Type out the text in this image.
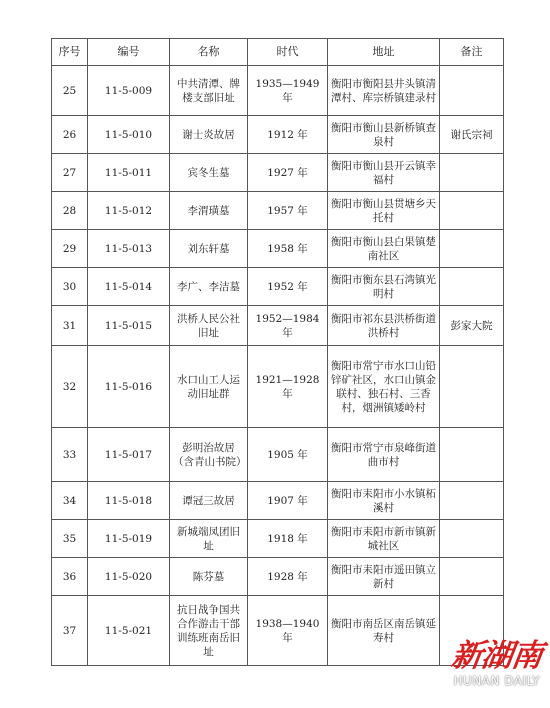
序号	编号	名称	时代	地址	备注
25	11-5-009	中共清潭、牌楼支部旧址	1935—1949 年	衡阳市衡阳县井头镇清潭村、库宗桥镇建录村	
26	11-5-010	谢士炎故居	1912 年	衡阳市衡山县新桥镇查泉村	谢氏宗祠
27	11-5-011	宾冬生墓	1927 年	衡阳市衡山县开云镇幸福村	
28	11-5-012	李渭璜墓	1957 年	衡阳市衡山县贯塘乡天托村	
29	11-5-013	刘东轩墓	1958 年	衡阳市衡山县白果镇楚南社区	
30	11-5-014	李广、李洁墓	1952 年	衡阳市衡东县石湾镇光明村	
31	11-5-015	洪桥人民公社旧址	1952—1984 年	衡阳市祁东县洪桥街道洪桥村	彭家大院
32	11-5-016	水口山工人运动旧址群	1921—1928 年	衡阳市常宁市水口山铅锌矿社区，水口山镇金联村、独石村、三香村，烟洲镇矮岭村	
33	11-5-017	彭明治故居（含青山书院）	1905 年	衡阳市常宁市泉峰街道曲市村	
34	11-5-018	谭冠三故居	1907 年	衡阳市耒阳市小水镇柘溪村	
35	11-5-019	新城端凤团旧址	1918 年	衡阳市耒阳市新市镇新城社区	
36	11-5-020	陈芬墓	1928 年	衡阳市耒阳市遥田镇立新村	
37	11-5-021	抗日战争国共合作游击干部训练班南岳旧址	1938—1940 年	衡阳市南岳区南岳镇延寿村	
新湖南
HUNAN DAILY
